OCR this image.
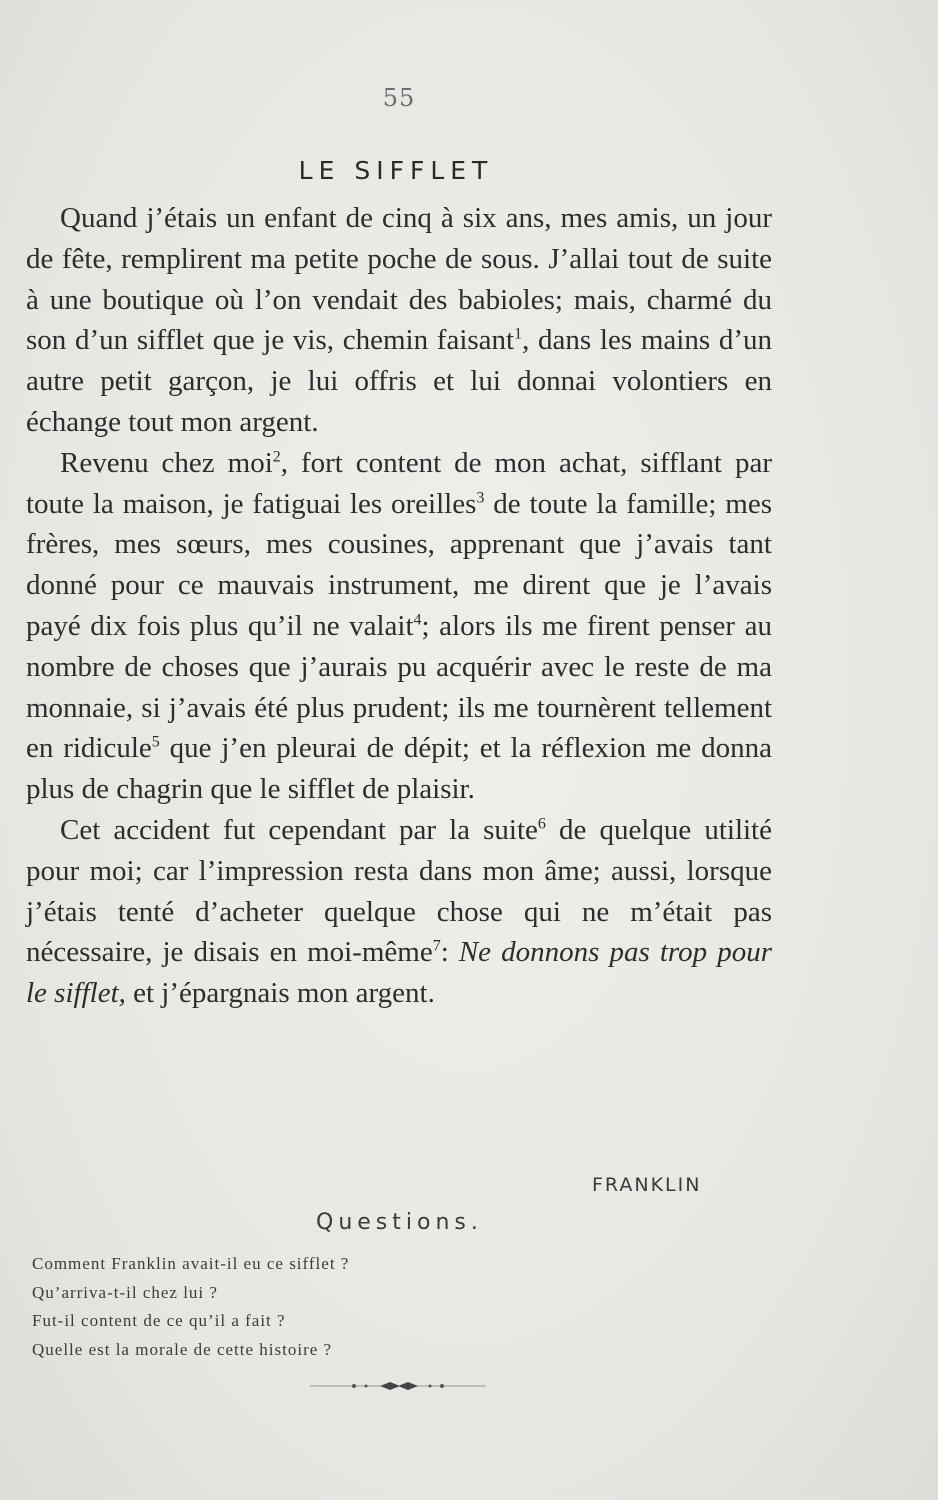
55
LE SIFFLET

Quand j’étais un enfant de cinq à six ans, mes amis, un jour de fête, remplirent ma petite poche de sous. J’allai tout de suite à une boutique où l’on vendait des babioles; mais, charmé du son d’un sifflet que je vis, chemin faisant$^1$, dans les mains d’un autre petit garçon, je lui offris et lui donnai volontiers en échange tout mon argent.

Revenu chez moi$^2$, fort content de mon achat, sifflant par toute la maison, je fatiguai les oreilles$^3$ de toute la famille; mes frères, mes sœurs, mes cousines, apprenant que j’avais tant donné pour ce mauvais instrument, me dirent que je l’avais payé dix fois plus qu’il ne valait$^4$; alors ils me firent penser au nombre de choses que j’aurais pu acquérir avec le reste de ma monnaie, si j’avais été plus prudent; ils me tournèrent tellement en ridicule$^5$ que j’en pleurai de dépit; et la réflexion me donna plus de chagrin que le sifflet de plaisir.

Cet accident fut cependant par la suite$^6$ de quelque utilité pour moi; car l’impression resta dans mon âme; aussi, lorsque j’étais tenté d’acheter quelque chose qui ne m’était pas nécessaire, je disais en moi-même$^7$: Ne donnons pas trop pour le sifflet, et j’épargnais mon argent.

FRANKLIN
Questions.
Comment Franklin avait-il eu ce sifflet ?
Qu’arriva-t-il chez lui ?
Fut-il content de ce qu’il a fait ?
Quelle est la morale de cette histoire ?
